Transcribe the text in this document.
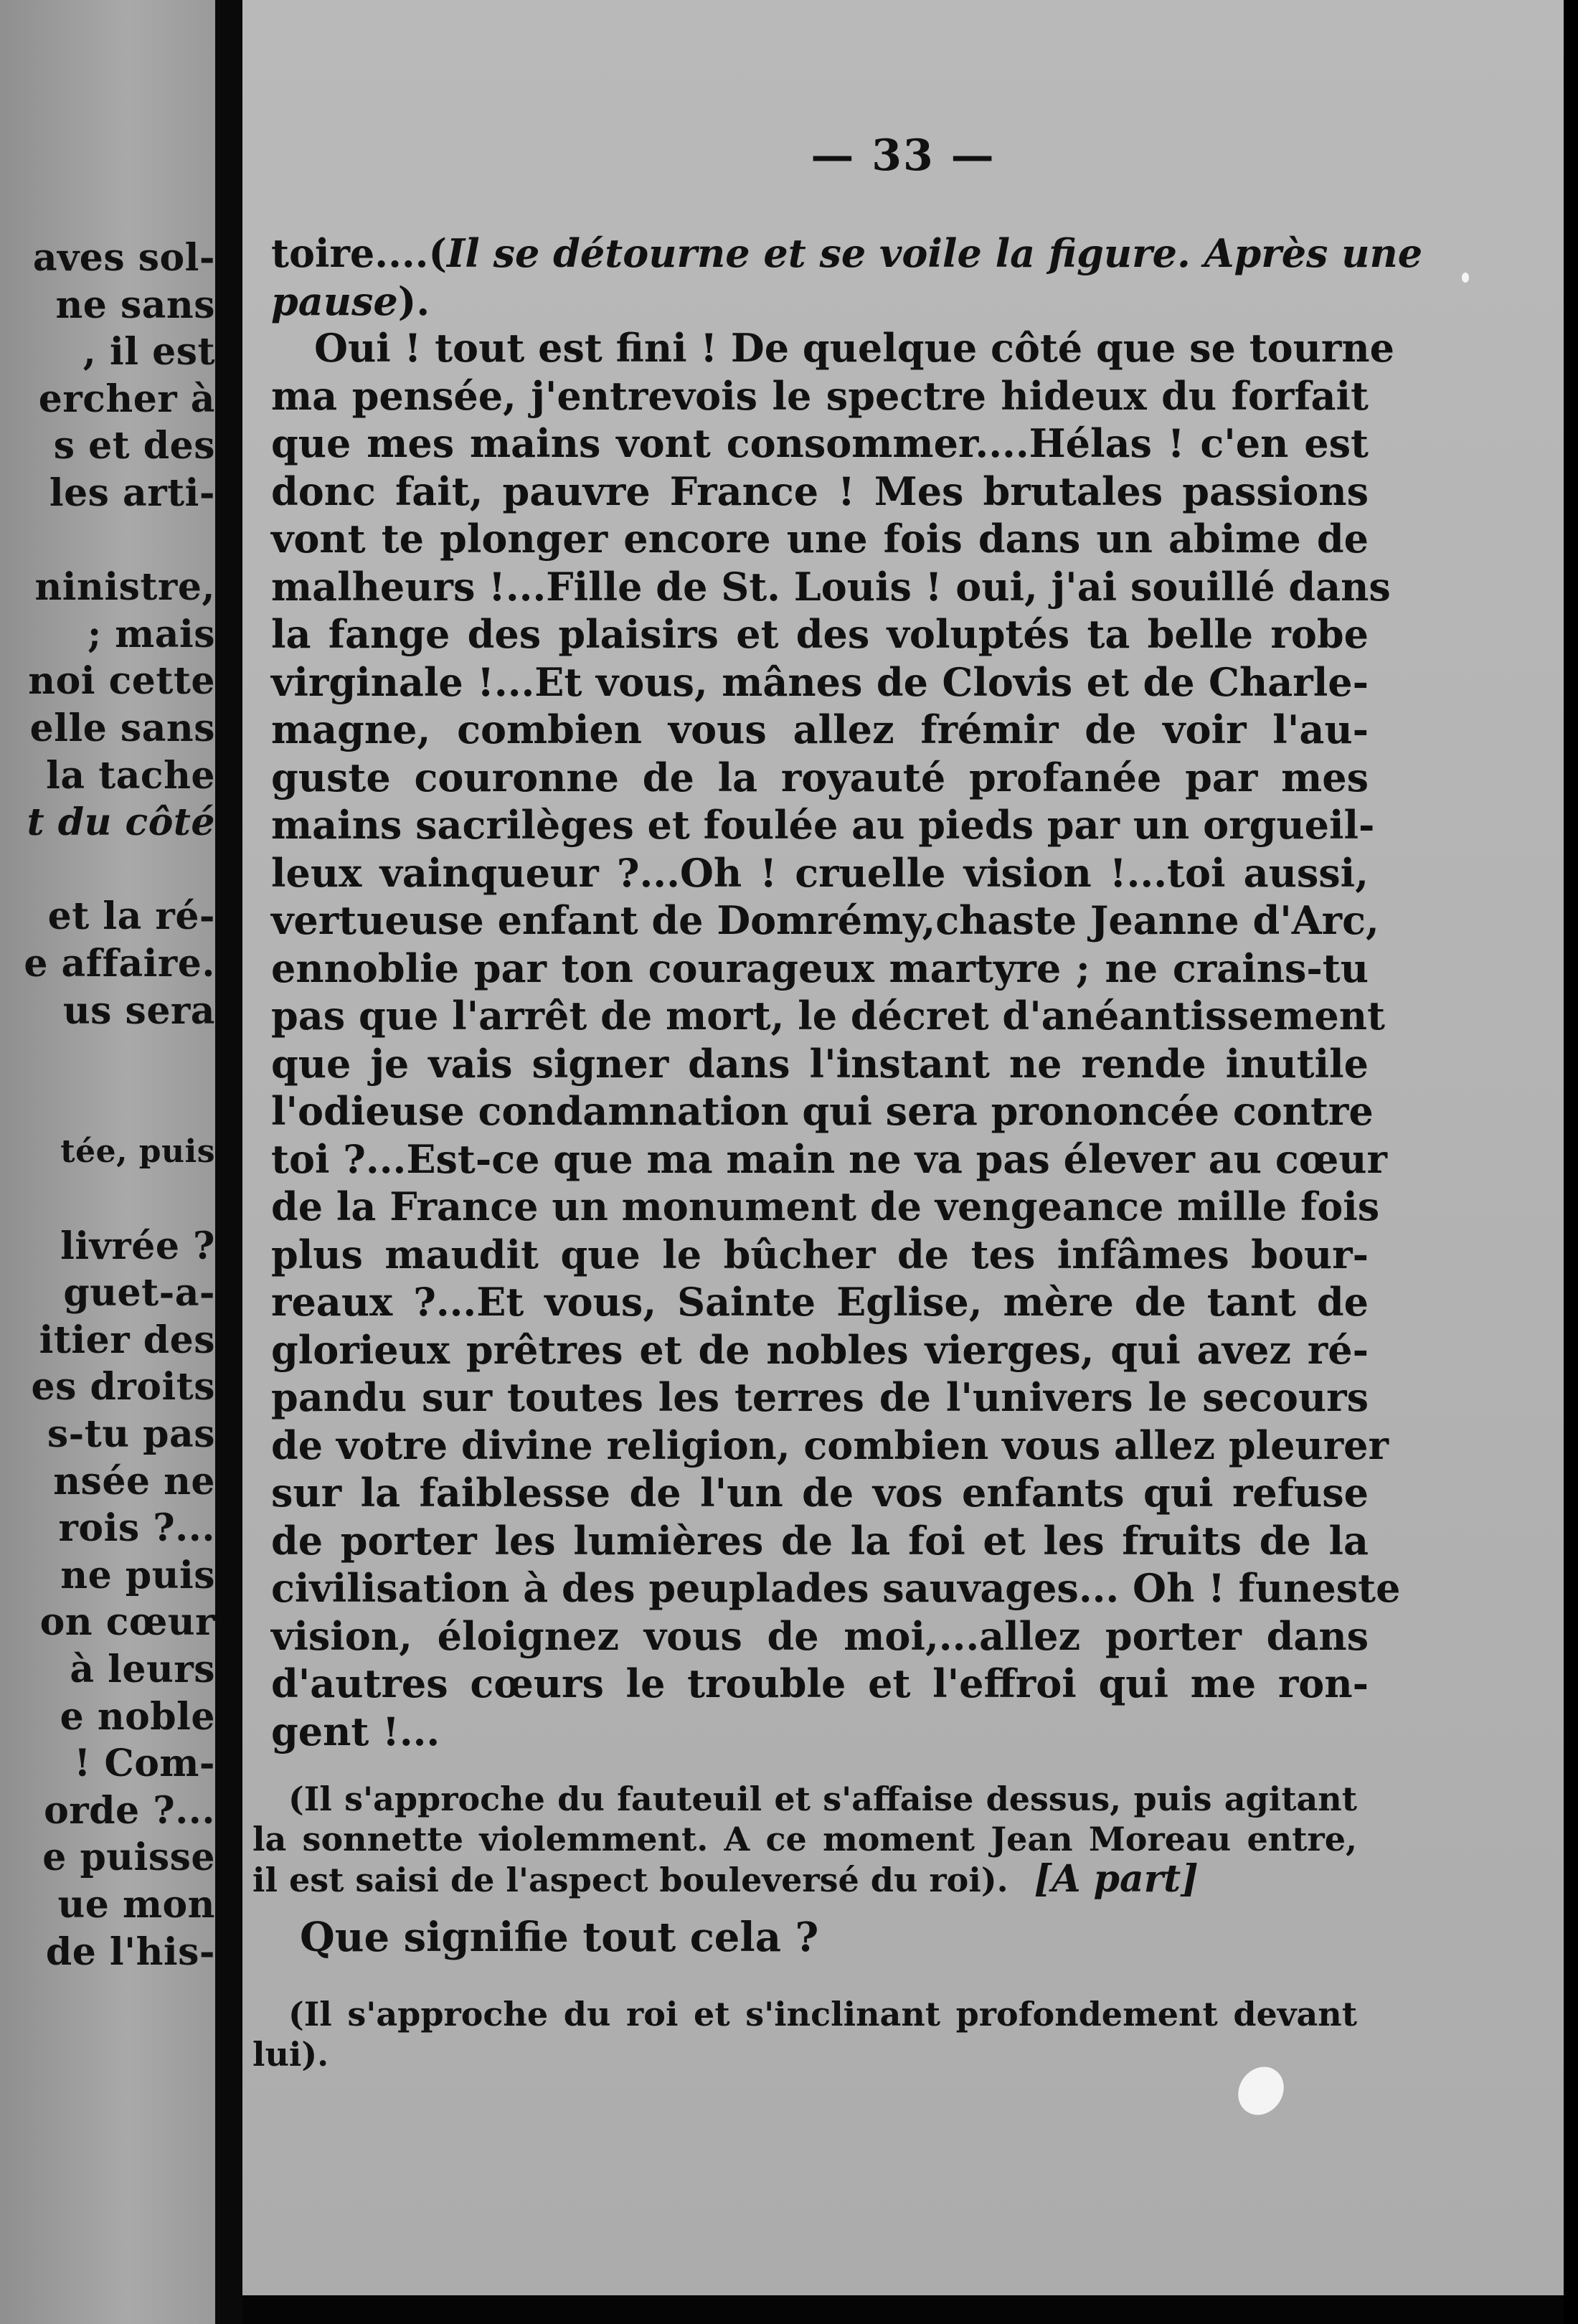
aves sol-
ne sans
, il est
ercher à
s et des
les arti-
ninistre,
; mais
noi cette
elle sans
la tache
t du côté
et la ré-
e affaire.
us sera
tée, puis
livrée ?
guet-a-
itier des
es droits
s-tu pas
nsée ne
rois ?...
ne puis
on cœur
à leurs
e noble
! Com-
orde ?...
e puisse
ue mon
de l'his-
— 33 —
toire....(Il se détourne et se voile la figure. Après une
pause).
Oui ! tout est fini ! De quelque côté que se tourne
ma pensée, j'entrevois le spectre hideux du forfait
que mes mains vont consommer....Hélas ! c'en est
donc fait, pauvre France ! Mes brutales passions
vont te plonger encore une fois dans un abime de
malheurs !...Fille de St. Louis ! oui, j'ai souillé dans
la fange des plaisirs et des voluptés ta belle robe
virginale !...Et vous, mânes de Clovis et de Charle-
magne, combien vous allez frémir de voir l'au-
guste couronne de la royauté profanée par mes
mains sacrilèges et foulée au pieds par un orgueil-
leux vainqueur ?...Oh ! cruelle vision !...toi aussi,
vertueuse enfant de Domrémy,chaste Jeanne d'Arc,
ennoblie par ton courageux martyre ; ne crains-tu
pas que l'arrêt de mort, le décret d'anéantissement
que je vais signer dans l'instant ne rende inutile
l'odieuse condamnation qui sera prononcée contre
toi ?...Est-ce que ma main ne va pas élever au cœur
de la France un monument de vengeance mille fois
plus maudit que le bûcher de tes infâmes bour-
reaux ?...Et vous, Sainte Eglise, mère de tant de
glorieux prêtres et de nobles vierges, qui avez ré-
pandu sur toutes les terres de l'univers le secours
de votre divine religion, combien vous allez pleurer
sur la faiblesse de l'un de vos enfants qui refuse
de porter les lumières de la foi et les fruits de la
civilisation à des peuplades sauvages... Oh ! funeste
vision, éloignez vous de moi,...allez porter dans
d'autres cœurs le trouble et l'effroi qui me ron-
gent !...
(Il s'approche du fauteuil et s'affaise dessus, puis agitant
la sonnette violemment. A ce moment Jean Moreau entre,
il est saisi de l'aspect bouleversé du roi). [A part]
Que signifie tout cela ?
(Il s'approche du roi et s'inclinant profondement devant
lui).
